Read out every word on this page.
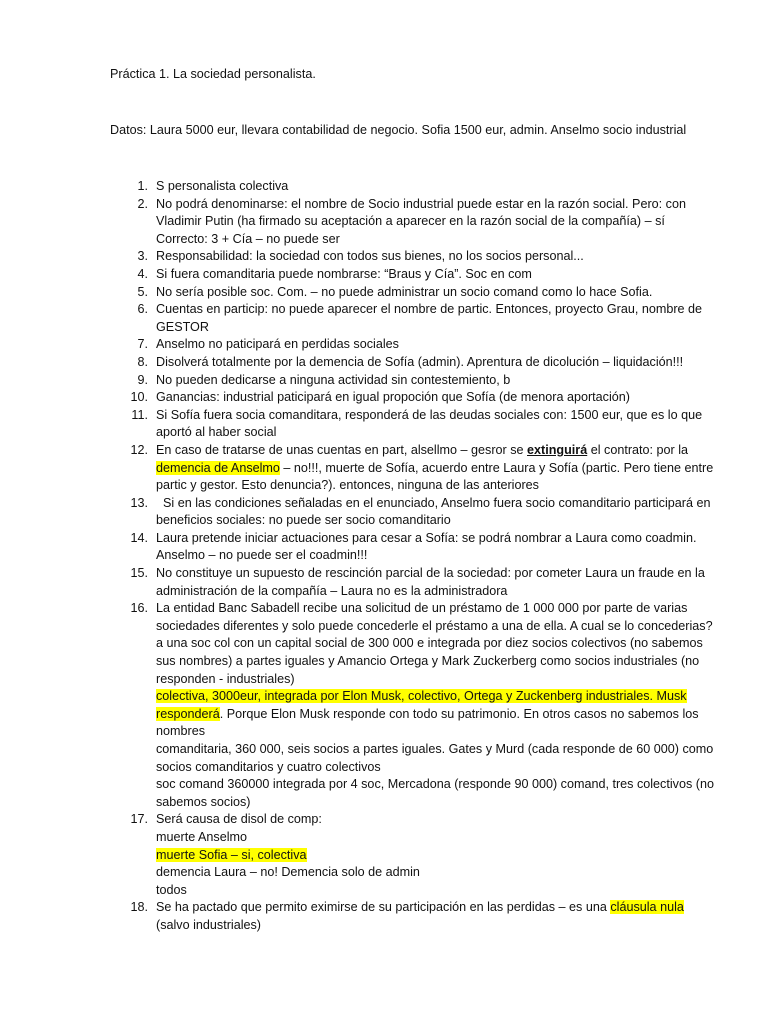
Práctica 1. La sociedad personalista.
Datos: Laura 5000 eur, llevara contabilidad de negocio. Sofia 1500 eur, admin. Anselmo socio industrial
1. S personalista colectiva
2. No podrá denominarse: el nombre de Socio industrial puede estar en la razón social. Pero: con Vladimir Putin (ha firmado su aceptación a aparecer en la razón social de la compañía) – sí
Correcto: 3 + Cía – no puede ser
3. Responsabilidad: la sociedad con todos sus bienes, no los socios personal...
4. Si fuera comanditaria puede nombrarse: “Braus y Cía”. Soc en com
5. No sería posible soc. Com. – no puede administrar un socio comand como lo hace Sofia.
6. Cuentas en particip: no puede aparecer el nombre de partic. Entonces, proyecto Grau, nombre de GESTOR
7. Anselmo no paticipará en perdidas sociales
8. Disolverá totalmente por la demencia de Sofía (admin). Aprentura de dicolución – liquidación!!!
9. No pueden dedicarse a ninguna actividad sin contestemiento, b
10. Ganancias: industrial paticipará en igual propoción que Sofía (de menora aportación)
11. Si Sofía fuera socia comanditara, responderá de las deudas sociales con: 1500 eur, que es lo que aportó al haber social
12. En caso de tratarse de unas cuentas en part, alsellmo – gesror se extinguirá el contrato: por la demencia de Anselmo – no!!!, muerte de Sofía, acuerdo entre Laura y Sofía (partic. Pero tiene entre partic y gestor. Esto denuncia?). entonces, ninguna de las anteriores
13. Si en las condiciones señaladas en el enunciado, Anselmo fuera socio comanditario participará en beneficios sociales: no puede ser socio comanditario
14. Laura pretende iniciar actuaciones para cesar a Sofía: se podrá nombrar a Laura como coadmin. Anselmo – no puede ser el coadmin!!!
15. No constituye un supuesto de rescinción parcial de la sociedad: por cometer Laura un fraude en la administración de la compañía – Laura no es la administradora
16. La entidad Banc Sabadell recibe una solicitud de un préstamo de 1 000 000 por parte de varias sociedades diferentes y solo puede concederle el préstamo a una de ella. A cual se lo concederias?
a una soc col con un capital social de 300 000 e integrada por diez socios colectivos (no sabemos sus nombres) a partes iguales y Amancio Ortega y Mark Zuckerberg como socios industriales (no responden - industriales)
colectiva, 3000eur, integrada por Elon Musk, colectivo, Ortega y Zuckenberg industriales. Musk responderá. Porque Elon Musk responde con todo su patrimonio. En otros casos no sabemos los nombres
comanditaria, 360 000, seis socios a partes iguales. Gates y Murd (cada responde de 60 000) como socios comanditarios y cuatro colectivos
soc comand 360000 integrada por 4 soc, Mercadona (responde 90 000) comand, tres colectivos (no sabemos socios)
17. Será causa de disol de comp:
muerte Anselmo
muerte Sofia – si, colectiva
demencia Laura – no! Demencia solo de admin
todos
18. Se ha pactado que permito eximirse de su participación en las perdidas – es una cláusula nula
(salvo industriales)
